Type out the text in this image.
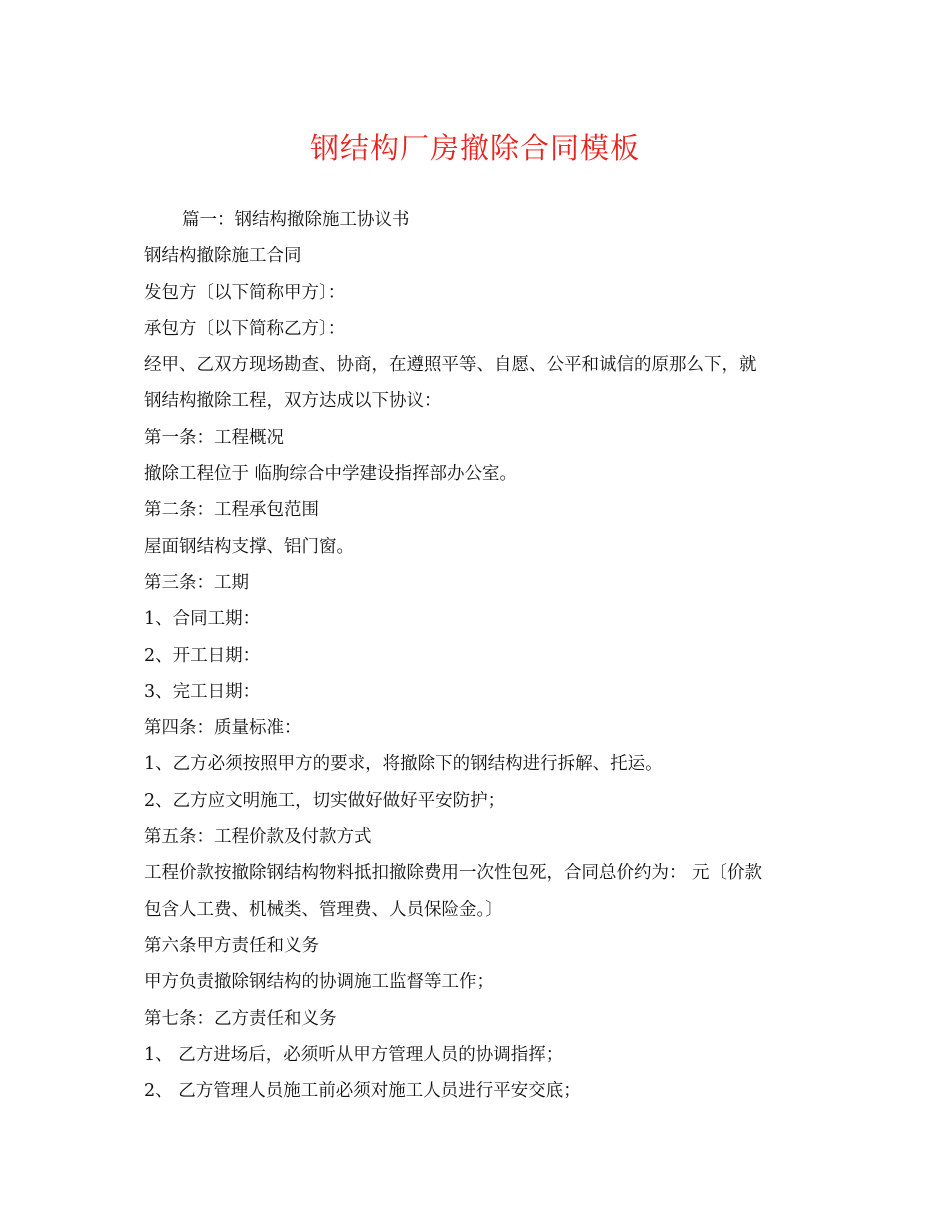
钢结构厂房撤除合同模板
篇一：钢结构撤除施工协议书
钢结构撤除施工合同
发包方〔以下简称甲方〕：
承包方〔以下简称乙方〕：
经甲、乙双方现场勘查、协商，在遵照平等、自愿、公平和诚信的原那么下，就
钢结构撤除工程，双方达成以下协议：
第一条：工程概况
撤除工程位于 临朐综合中学建设指挥部办公室。
第二条：工程承包范围
屋面钢结构支撑、铝门窗。
第三条：工期
1、合同工期：
2、开工日期：
3、完工日期：
第四条：质量标准：
1、乙方必须按照甲方的要求，将撤除下的钢结构进行拆解、托运。
2、乙方应文明施工，切实做好做好平安防护；
第五条：工程价款及付款方式
工程价款按撤除钢结构物料抵扣撤除费用一次性包死，合同总价约为： 元〔价款
包含人工费、机械类、管理费、人员保险金。〕
第六条甲方责任和义务
甲方负责撤除钢结构的协调施工监督等工作；
第七条：乙方责任和义务
1、 乙方进场后，必须听从甲方管理人员的协调指挥；
2、 乙方管理人员施工前必须对施工人员进行平安交底；
